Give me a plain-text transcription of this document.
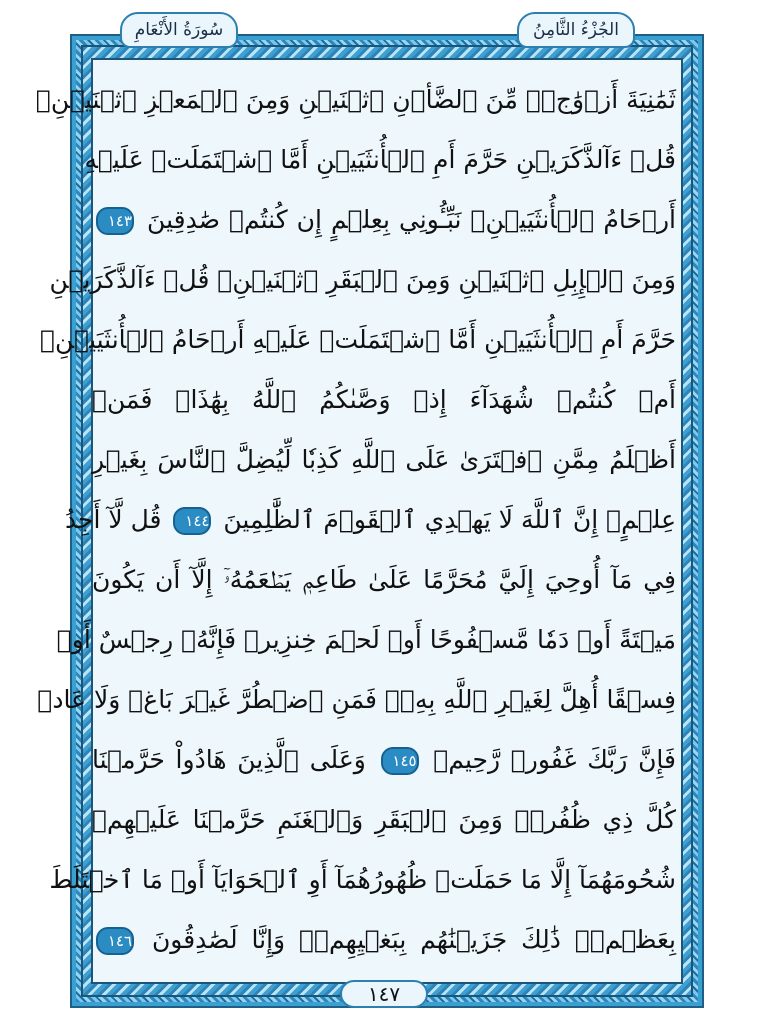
سُورَةُ الأَنْعَامِ	الجُزْءُ الثَّامِنُ
ثَمَٰنِيَةَ أَزۡوَٰجٖۖ مِّنَ ٱلضَّأۡنِ ٱثۡنَيۡنِ وَمِنَ ٱلۡمَعۡزِ ٱثۡنَيۡنِۗ
قُلۡ ءَآلذَّكَرَيۡنِ حَرَّمَ أَمِ ٱلۡأُنثَيَيۡنِ أَمَّا ٱشۡتَمَلَتۡ عَلَيۡهِ
أَرۡحَامُ ٱلۡأُنثَيَيۡنِۖ نَبِّـُٔونِي بِعِلۡمٍ إِن كُنتُمۡ صَٰدِقِينَ ١٤٣
وَمِنَ ٱلۡإِبِلِ ٱثۡنَيۡنِ وَمِنَ ٱلۡبَقَرِ ٱثۡنَيۡنِۗ قُلۡ ءَآلذَّكَرَيۡنِ
حَرَّمَ أَمِ ٱلۡأُنثَيَيۡنِ أَمَّا ٱشۡتَمَلَتۡ عَلَيۡهِ أَرۡحَامُ ٱلۡأُنثَيَيۡنِۖ
أَمۡ كُنتُمۡ شُهَدَآءَ إِذۡ وَصَّىٰكُمُ ٱللَّهُ بِهَٰذَاۚ فَمَنۡ
أَظۡلَمُ مِمَّنِ ٱفۡتَرَىٰ عَلَى ٱللَّهِ كَذِبٗا لِّيُضِلَّ ٱلنَّاسَ بِغَيۡرِ
عِلۡمٍۚ إِنَّ ٱللَّهَ لَا يَهۡدِي ٱلۡقَوۡمَ ٱلظَّٰلِمِينَ ١٤٤ قُل لَّآ أَجِدُ
فِي مَآ أُوحِيَ إِلَيَّ مُحَرَّمًا عَلَىٰ طَاعِمٖ يَطۡعَمُهُۥٓ إِلَّآ أَن يَكُونَ
مَيۡتَةً أَوۡ دَمٗا مَّسۡفُوحًا أَوۡ لَحۡمَ خِنزِيرٖ فَإِنَّهُۥ رِجۡسٌ أَوۡ
فِسۡقًا أُهِلَّ لِغَيۡرِ ٱللَّهِ بِهِۦۚ فَمَنِ ٱضۡطُرَّ غَيۡرَ بَاغٖ وَلَا عَادٖ
فَإِنَّ رَبَّكَ غَفُورٞ رَّحِيمٞ ١٤٥ وَعَلَى ٱلَّذِينَ هَادُواْ حَرَّمۡنَا
كُلَّ ذِي ظُفُرٖۖ وَمِنَ ٱلۡبَقَرِ وَٱلۡغَنَمِ حَرَّمۡنَا عَلَيۡهِمۡ
شُحُومَهُمَآ إِلَّا مَا حَمَلَتۡ ظُهُورُهُمَآ أَوِ ٱلۡحَوَايَآ أَوۡ مَا ٱخۡتَلَطَ
بِعَظۡمٖۚ ذَٰلِكَ جَزَيۡنَٰهُم بِبَغۡيِهِمۡۖ وَإِنَّا لَصَٰدِقُونَ ١٤٦
١٤٧
